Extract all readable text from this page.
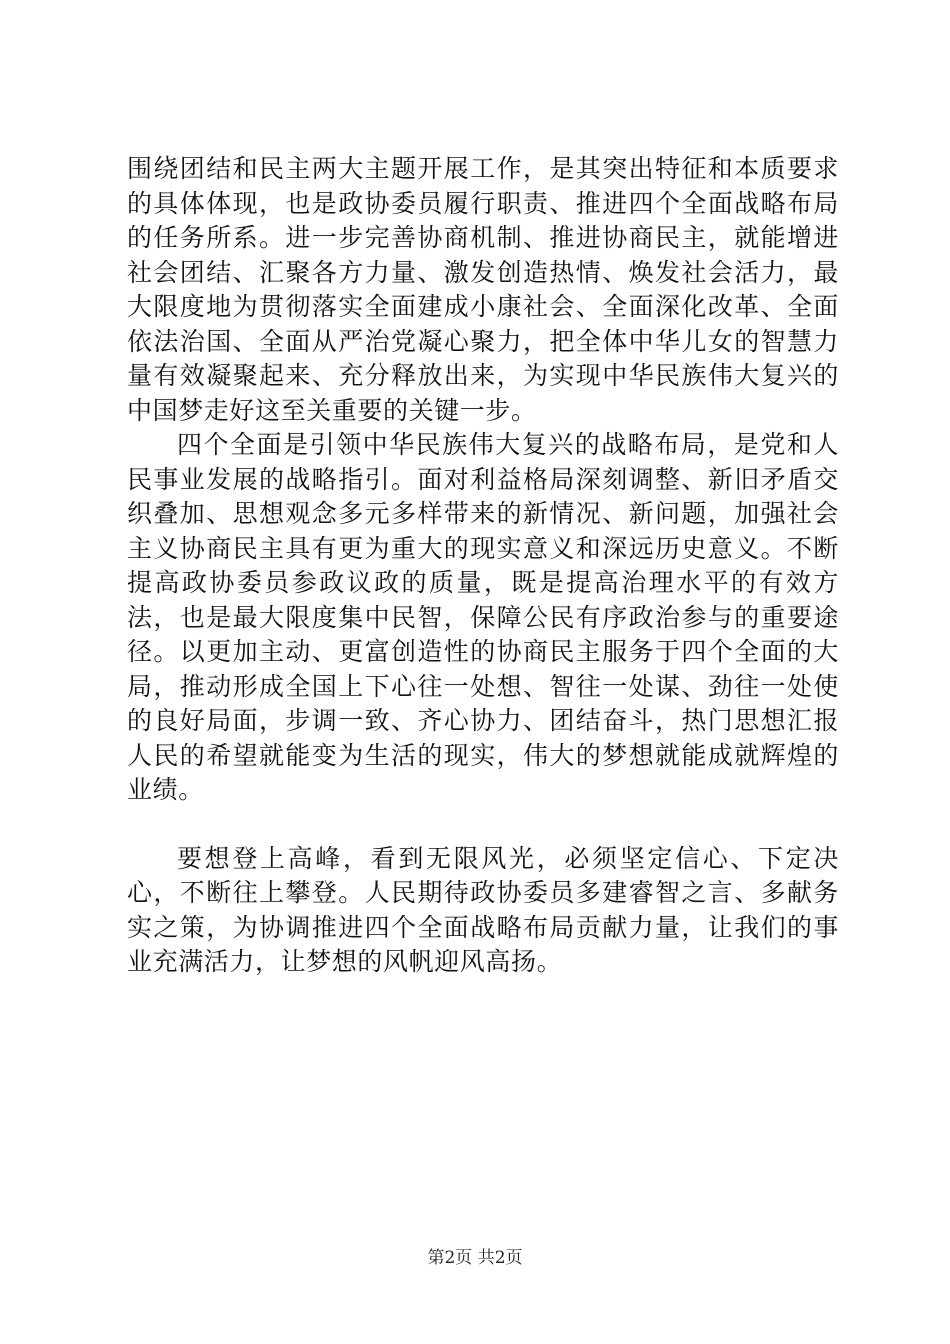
围绕团结和民主两大主题开展工作，是其突出特征和本质要求的具体体现，也是政协委员履行职责、推进四个全面战略布局的任务所系。进一步完善协商机制、推进协商民主，就能增进社会团结、汇聚各方力量、激发创造热情、焕发社会活力，最大限度地为贯彻落实全面建成小康社会、全面深化改革、全面依法治国、全面从严治党凝心聚力，把全体中华儿女的智慧力量有效凝聚起来、充分释放出来，为实现中华民族伟大复兴的中国梦走好这至关重要的关键一步。

四个全面是引领中华民族伟大复兴的战略布局，是党和人民事业发展的战略指引。面对利益格局深刻调整、新旧矛盾交织叠加、思想观念多元多样带来的新情况、新问题，加强社会主义协商民主具有更为重大的现实意义和深远历史意义。不断提高政协委员参政议政的质量，既是提高治理水平的有效方法，也是最大限度集中民智，保障公民有序政治参与的重要途径。以更加主动、更富创造性的协商民主服务于四个全面的大局，推动形成全国上下心往一处想、智往一处谋、劲往一处使的良好局面，步调一致、齐心协力、团结奋斗，热门思想汇报人民的希望就能变为生活的现实，伟大的梦想就能成就辉煌的业绩。

要想登上高峰，看到无限风光，必须坚定信心、下定决心，不断往上攀登。人民期待政协委员多建睿智之言、多献务实之策，为协调推进四个全面战略布局贡献力量，让我们的事业充满活力，让梦想的风帆迎风高扬。

第2页 共2页
